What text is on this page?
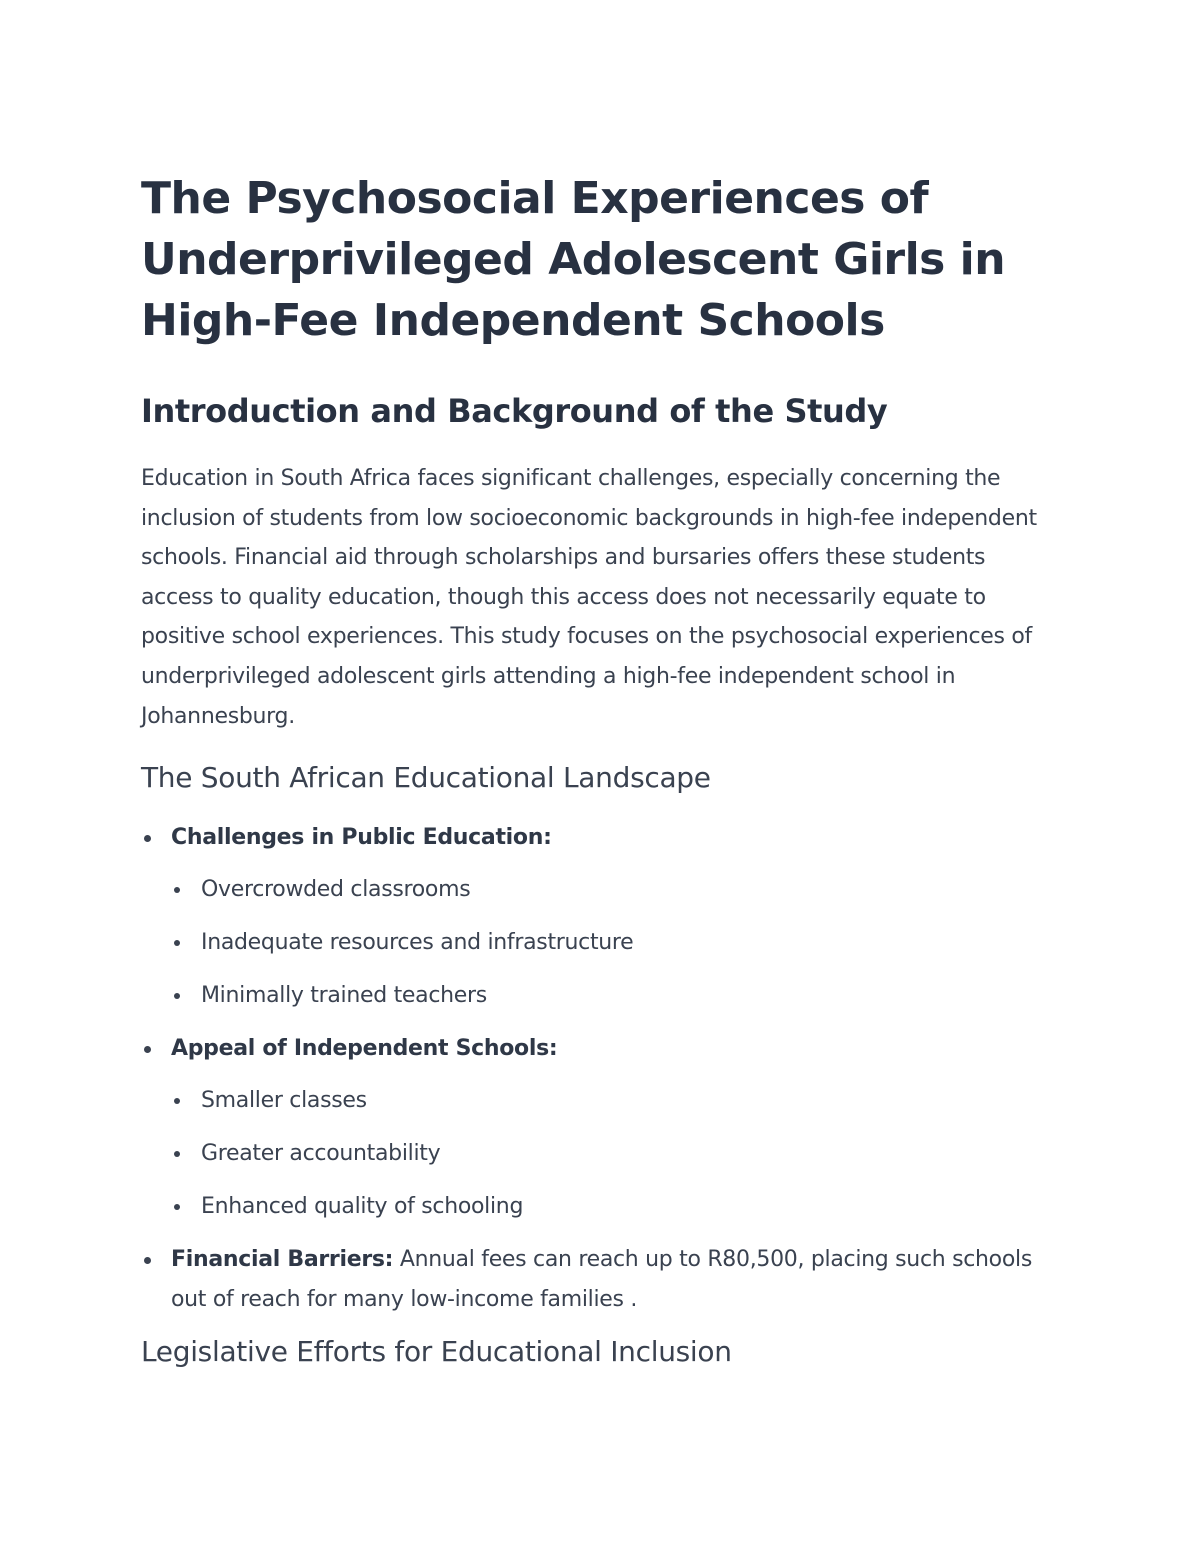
The Psychosocial Experiences of Underprivileged Adolescent Girls in High-Fee Independent Schools
Introduction and Background of the Study

Education in South Africa faces significant challenges, especially concerning the inclusion of students from low socioeconomic backgrounds in high-fee independent schools. Financial aid through scholarships and bursaries offers these students access to quality education, though this access does not necessarily equate to positive school experiences. This study focuses on the psychosocial experiences of underprivileged adolescent girls attending a high-fee independent school in Johannesburg.

The South African Educational Landscape
Challenges in Public Education:
Overcrowded classrooms
Inadequate resources and infrastructure
Minimally trained teachers
Appeal of Independent Schools:
Smaller classes
Greater accountability
Enhanced quality of schooling
Financial Barriers: Annual fees can reach up to R80,500, placing such schools out of reach for many low-income families .
Legislative Efforts for Educational Inclusion
